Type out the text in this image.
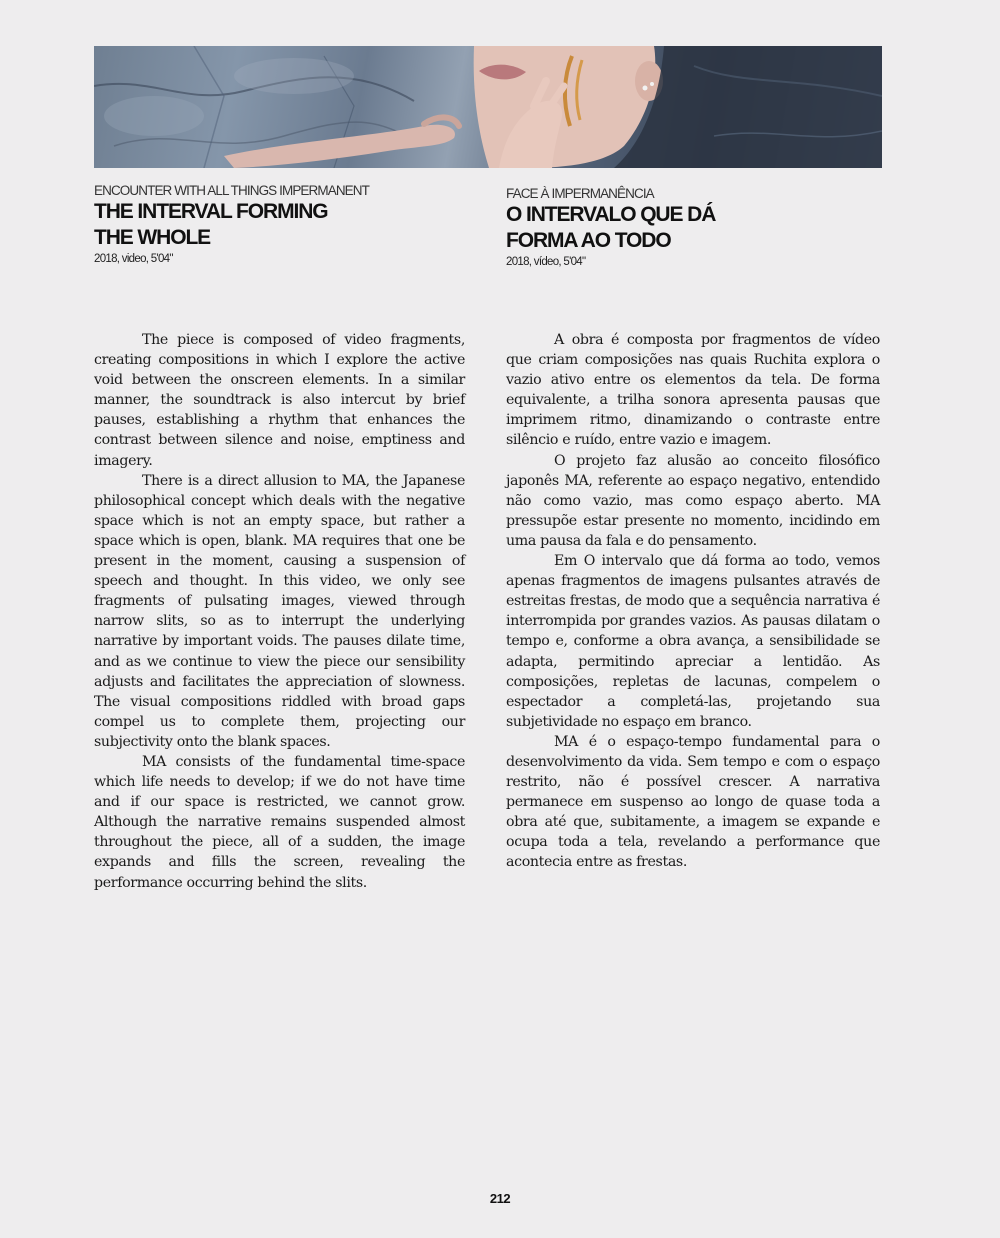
ENCOUNTER WITH ALL THINGS IMPERMANENT

THE INTERVAL FORMING

THE WHOLE

2018, video, 5'04"

FACE À IMPERMANÊNCIA

O INTERVALO QUE DÁ

FORMA AO TODO

2018, vídeo, 5'04"

The piece is composed of video fragments, creating compositions in which I explore the active void between the onscreen elements. In a similar manner, the soundtrack is also intercut by brief pauses, establishing a rhythm that enhances the contrast between silence and noise, emptiness and imagery.

There is a direct allusion to MA, the Japanese philosophical concept which deals with the negative space which is not an empty space, but rather a space which is open, blank. MA requires that one be present in the moment, causing a suspension of speech and thought. In this video, we only see fragments of pulsating images, viewed through narrow slits, so as to interrupt the underlying narrative by important voids. The pauses dilate time, and as we continue to view the piece our sensibility adjusts and facilitates the appreciation of slowness. The visual compositions riddled with broad gaps compel us to complete them, projecting our subjectivity onto the blank spaces.

MA consists of the fundamental time-space which life needs to develop; if we do not have time and if our space is restricted, we cannot grow. Although the narrative remains suspended almost throughout the piece, all of a sudden, the image expands and fills the screen, revealing the performance occurring behind the slits.

A obra é composta por fragmentos de vídeo que criam composições nas quais Ruchita explora o vazio ativo entre os elementos da tela. De forma equivalente, a trilha sonora apresenta pausas que imprimem ritmo, dinamizando o contraste entre silêncio e ruído, entre vazio e imagem.

O projeto faz alusão ao conceito filosófico japonês MA, referente ao espaço negativo, entendido não como vazio, mas como espaço aberto. MA pressupõe estar presente no momento, incidindo em uma pausa da fala e do pensamento.

Em O intervalo que dá forma ao todo, vemos apenas fragmentos de imagens pulsantes através de estreitas frestas, de modo que a sequência narrativa é interrompida por grandes vazios. As pausas dilatam o tempo e, conforme a obra avança, a sensibilidade se adapta, permitindo apreciar a lentidão. As composições, repletas de lacunas, compelem o espectador a completá-las, projetando sua subjetividade no espaço em branco.

MA é o espaço-tempo fundamental para o desenvolvimento da vida. Sem tempo e com o espaço restrito, não é possível crescer. A narrativa permanece em suspenso ao longo de quase toda a obra até que, subitamente, a imagem se expande e ocupa toda a tela, revelando a performance que acontecia entre as frestas.

212
